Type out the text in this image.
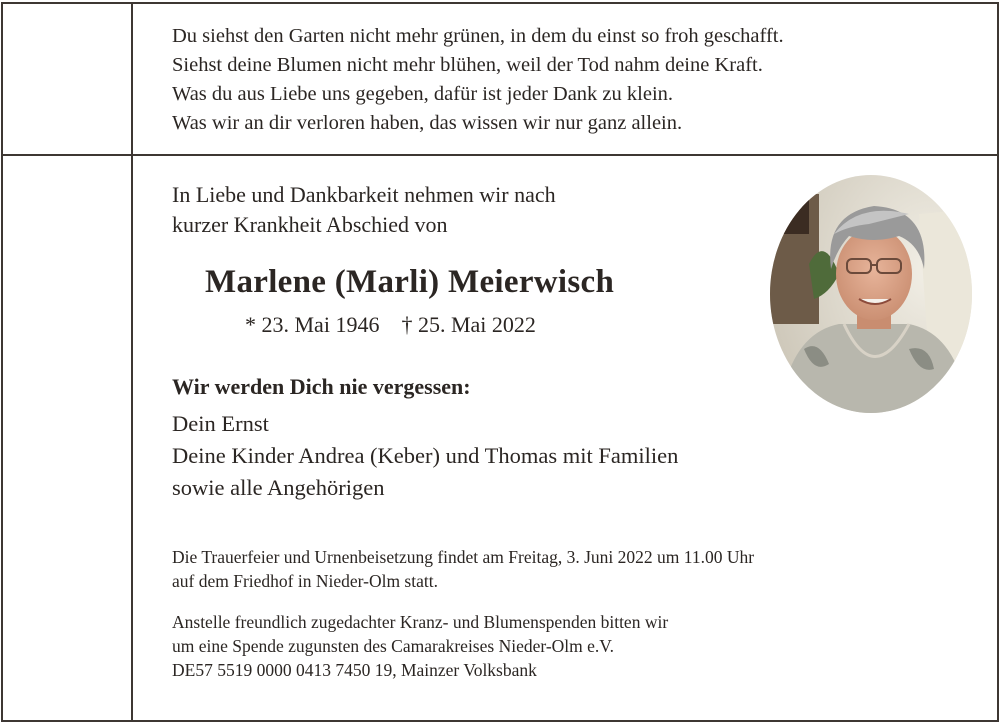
Du siehst den Garten nicht mehr grünen, in dem du einst so froh geschafft.
Siehst deine Blumen nicht mehr blühen, weil der Tod nahm deine Kraft.
Was du aus Liebe uns gegeben, dafür ist jeder Dank zu klein.
Was wir an dir verloren haben, das wissen wir nur ganz allein.
In Liebe und Dankbarkeit nehmen wir nach
kurzer Krankheit Abschied von
Marlene (Marli) Meierwisch
* 23. Mai 1946 † 25. Mai 2022
Wir werden Dich nie vergessen:
Dein Ernst
Deine Kinder Andrea (Keber) und Thomas mit Familien
sowie alle Angehörigen
Die Trauerfeier und Urnenbeisetzung findet am Freitag, 3. Juni 2022 um 11.00 Uhr
auf dem Friedhof in Nieder-Olm statt.
Anstelle freundlich zugedachter Kranz- und Blumenspenden bitten wir
um eine Spende zugunsten des Camarakreises Nieder-Olm e.V.
DE57 5519 0000 0413 7450 19, Mainzer Volksbank
